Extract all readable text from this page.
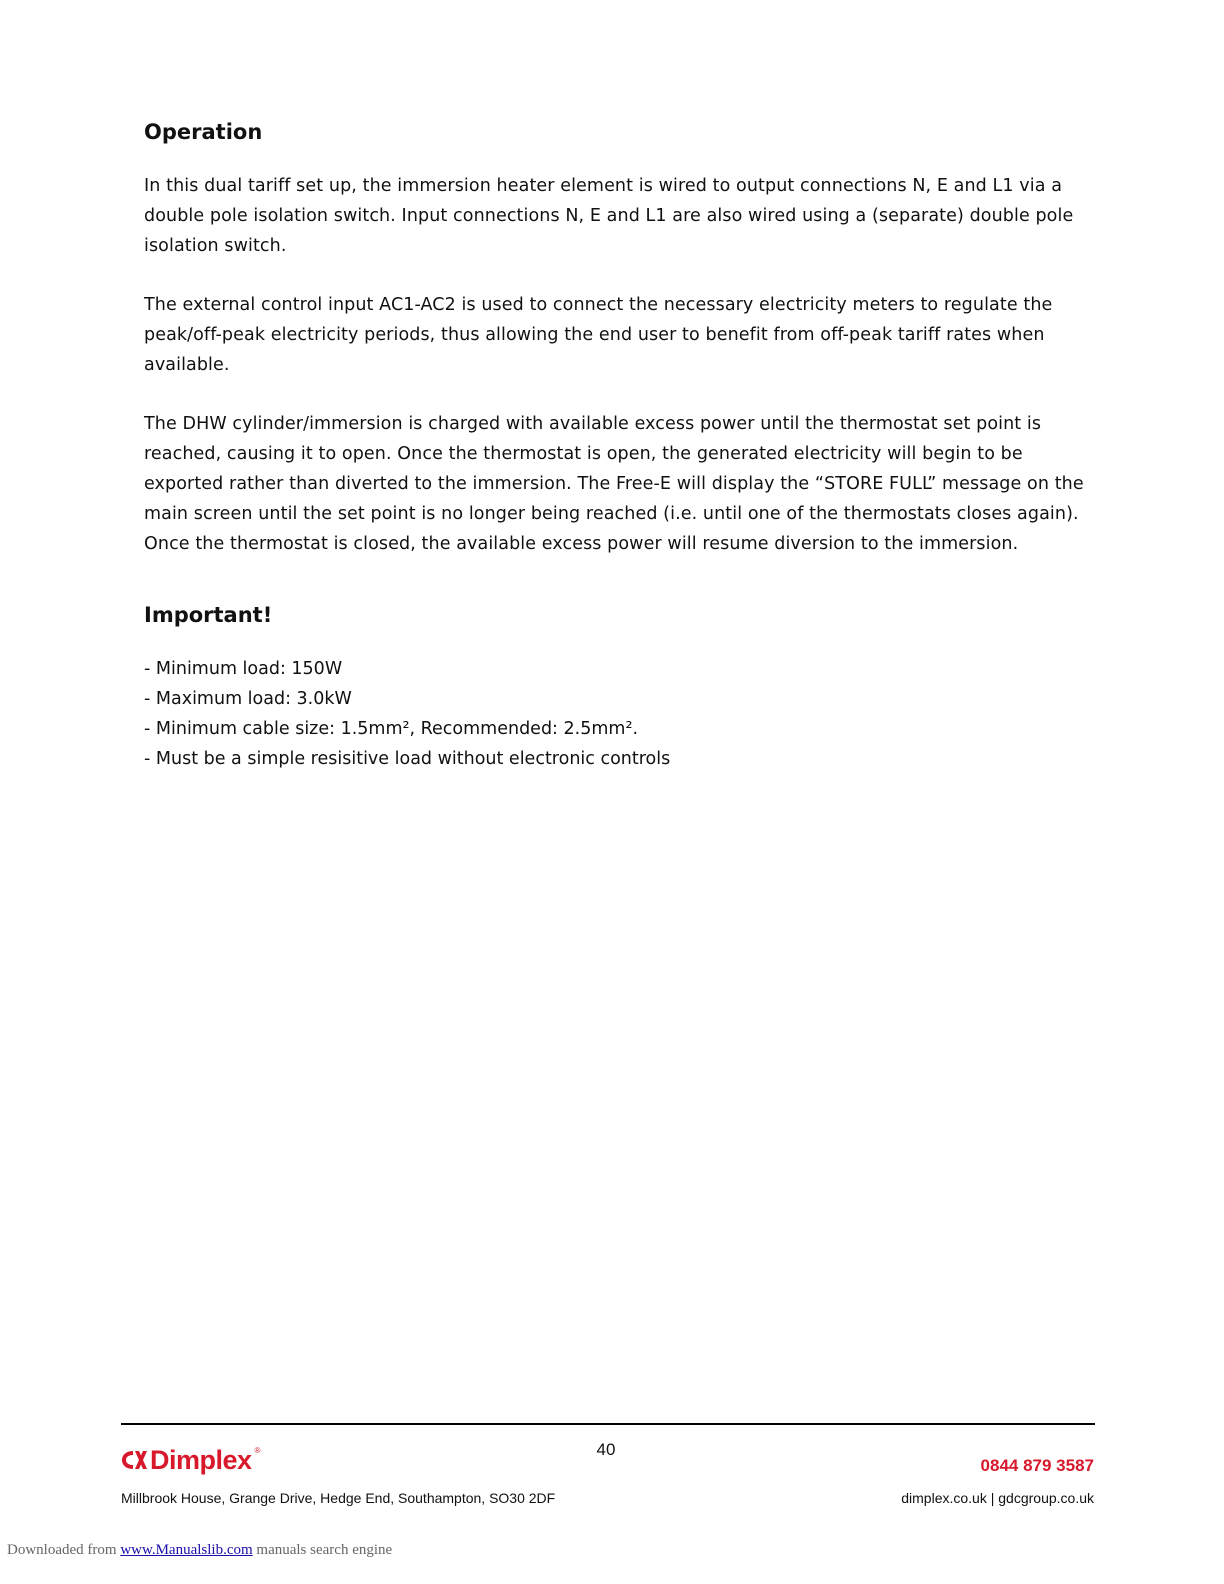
Operation

In this dual tariff set up, the immersion heater element is wired to output connections N, E and L1 via a double pole isolation switch. Input connections N, E and L1 are also wired using a (separate) double pole isolation switch.

The external control input AC1-AC2 is used to connect the necessary electricity meters to regulate the peak/off-peak electricity periods, thus allowing the end user to benefit from off-peak tariff rates when available.

The DHW cylinder/immersion is charged with available excess power until the thermostat set point is reached, causing it to open. Once the thermostat is open, the generated electricity will begin to be exported rather than diverted to the immersion. The Free-E will display the “STORE FULL” message on the main screen until the set point is no longer being reached (i.e. until one of the thermostats closes again). Once the thermostat is closed, the available excess power will resume diversion to the immersion.

Important!
- Minimum load: 150W
- Maximum load: 3.0kW
- Minimum cable size: 1.5mm², Recommended: 2.5mm².
- Must be a simple resisitive load without electronic controls
40
Dimplex ®
0844 879 3587
Millbrook House, Grange Drive, Hedge End, Southampton, SO30 2DF	dimplex.co.uk | gdcgroup.co.uk
Downloaded from www.Manualslib.com manuals search engine
